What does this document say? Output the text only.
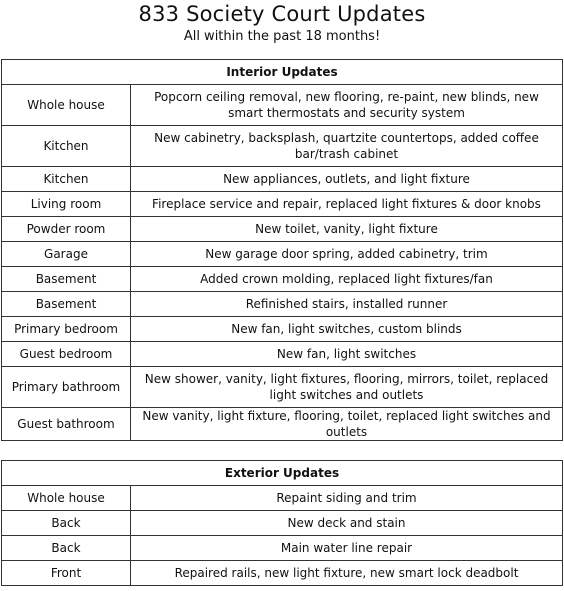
833 Society Court Updates
All within the past 18 months!
Interior Updates	
Whole house	Popcorn ceiling removal, new flooring, re-paint, new blinds, new smart thermostats and security system
Kitchen	New cabinetry, backsplash, quartzite countertops, added coffee bar/trash cabinet
Kitchen	New appliances, outlets, and light fixture
Living room	Fireplace service and repair, replaced light fixtures & door knobs
Powder room	New toilet, vanity, light fixture
Garage	New garage door spring, added cabinetry, trim
Basement	Added crown molding, replaced light fixtures/fan
Basement	Refinished stairs, installed runner
Primary bedroom	New fan, light switches, custom blinds
Guest bedroom	New fan, light switches
Primary bathroom	New shower, vanity, light fixtures, flooring, mirrors, toilet, replaced light switches and outlets
Guest bathroom	New vanity, light fixture, flooring, toilet, replaced light switches and outlets
Exterior Updates	
Whole house	Repaint siding and trim
Back	New deck and stain
Back	Main water line repair
Front	Repaired rails, new light fixture, new smart lock deadbolt
